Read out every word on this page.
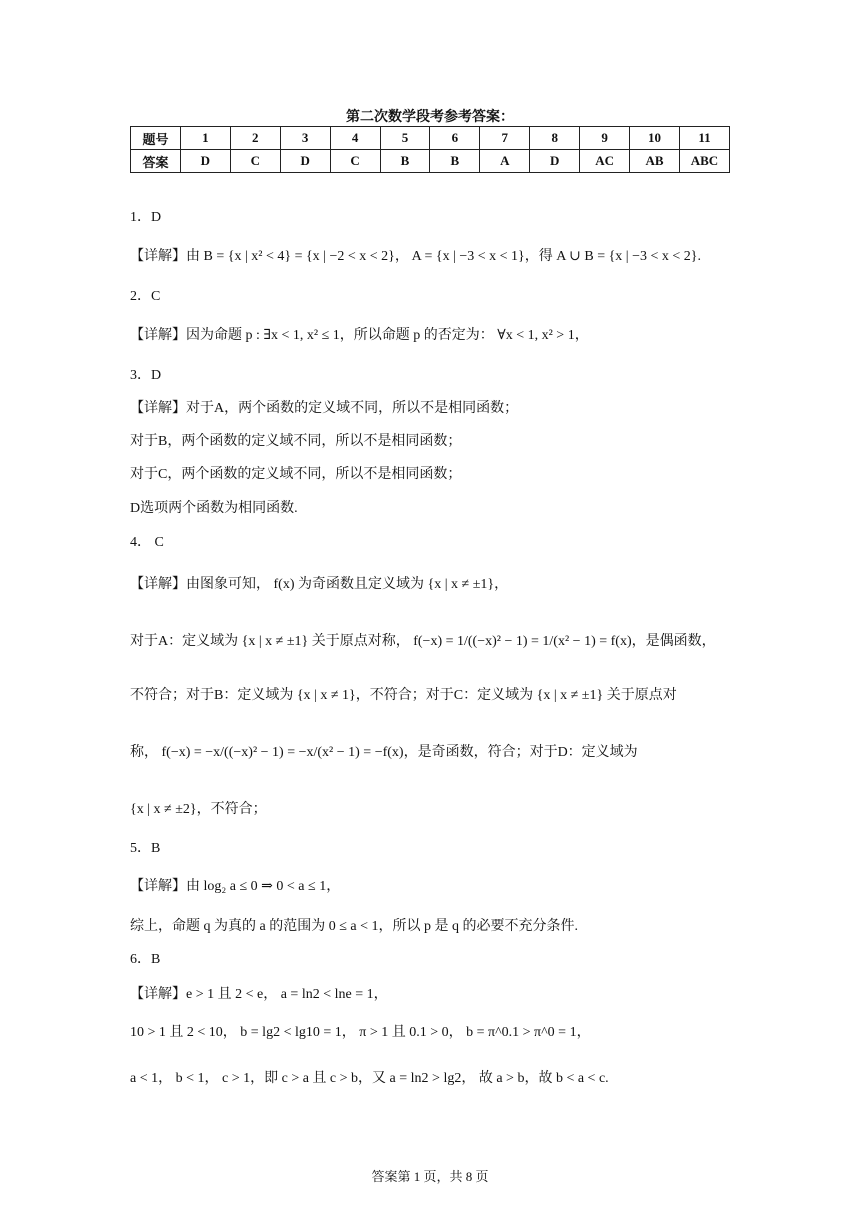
第二次数学段考参考答案：
题号	1	2	3	4	5	6	7	8	9	10	11
答案	D	C	D	C	B	B	A	D	AC	AB	ABC
1．D
【详解】由 B = {x | x² < 4} = {x | −2 < x < 2}， A = {x | −3 < x < 1}，得 A ∪ B = {x | −3 < x < 2}.
2．C
【详解】因为命题 p : ∃x < 1, x² ≤ 1，所以命题 p 的否定为： ∀x < 1, x² > 1，
3．D
【详解】对于A，两个函数的定义域不同，所以不是相同函数；
对于B，两个函数的定义域不同，所以不是相同函数；
对于C，两个函数的定义域不同，所以不是相同函数；
D选项两个函数为相同函数.
4． C
【详解】由图象可知， f(x) 为奇函数且定义域为 {x | x ≠ ±1}，
对于A：定义域为 {x | x ≠ ±1} 关于原点对称， f(−x) = 1/((−x)² − 1) = 1/(x² − 1) = f(x)，是偶函数，
不符合；对于B：定义域为 {x | x ≠ 1}，不符合；对于C：定义域为 {x | x ≠ ±1} 关于原点对
称， f(−x) = −x/((−x)² − 1) = −x/(x² − 1) = −f(x)，是奇函数，符合；对于D：定义域为
{x | x ≠ ±2}，不符合；
5．B
【详解】由 log₂ a ≤ 0 ⇒ 0 < a ≤ 1，
综上，命题 q 为真的 a 的范围为 0 ≤ a < 1，所以 p 是 q 的必要不充分条件.
6．B
【详解】e > 1 且 2 < e， a = ln2 < lne = 1，
10 > 1 且 2 < 10， b = lg2 < lg10 = 1， π > 1 且 0.1 > 0， b = π^0.1 > π^0 = 1，
a < 1， b < 1， c > 1，即 c > a 且 c > b，又 a = ln2 > lg2， 故 a > b，故 b < a < c.
答案第 1 页，共 8 页
